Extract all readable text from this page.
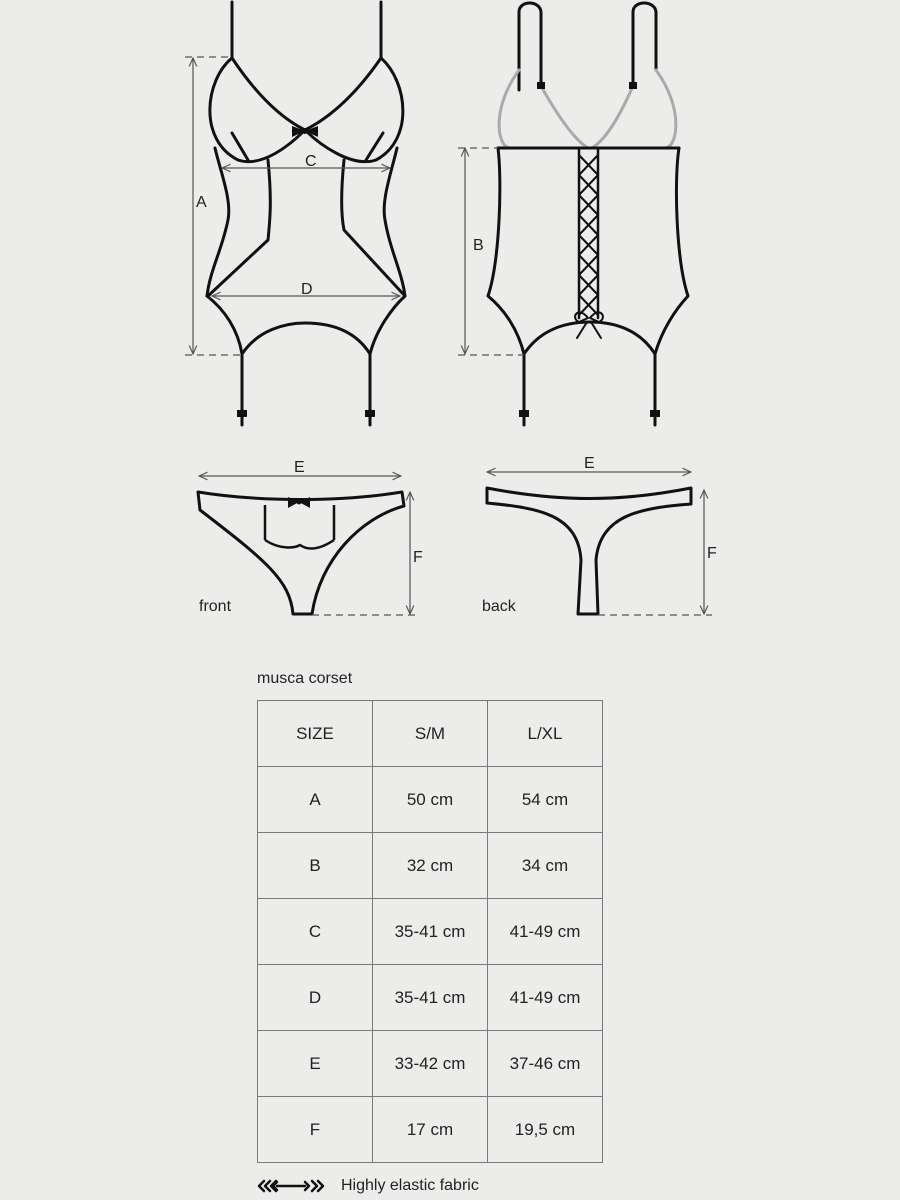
A
C
D
B
E
F
E
F
front	back
musca corset
SIZE	S/M	L/XL
A	50 cm	54 cm
B	32 cm	34 cm
C	35-41 cm	41-49 cm
D	35-41 cm	41-49 cm
E	33-42 cm	37-46 cm
F	17 cm	19,5 cm
Highly elastic fabric
